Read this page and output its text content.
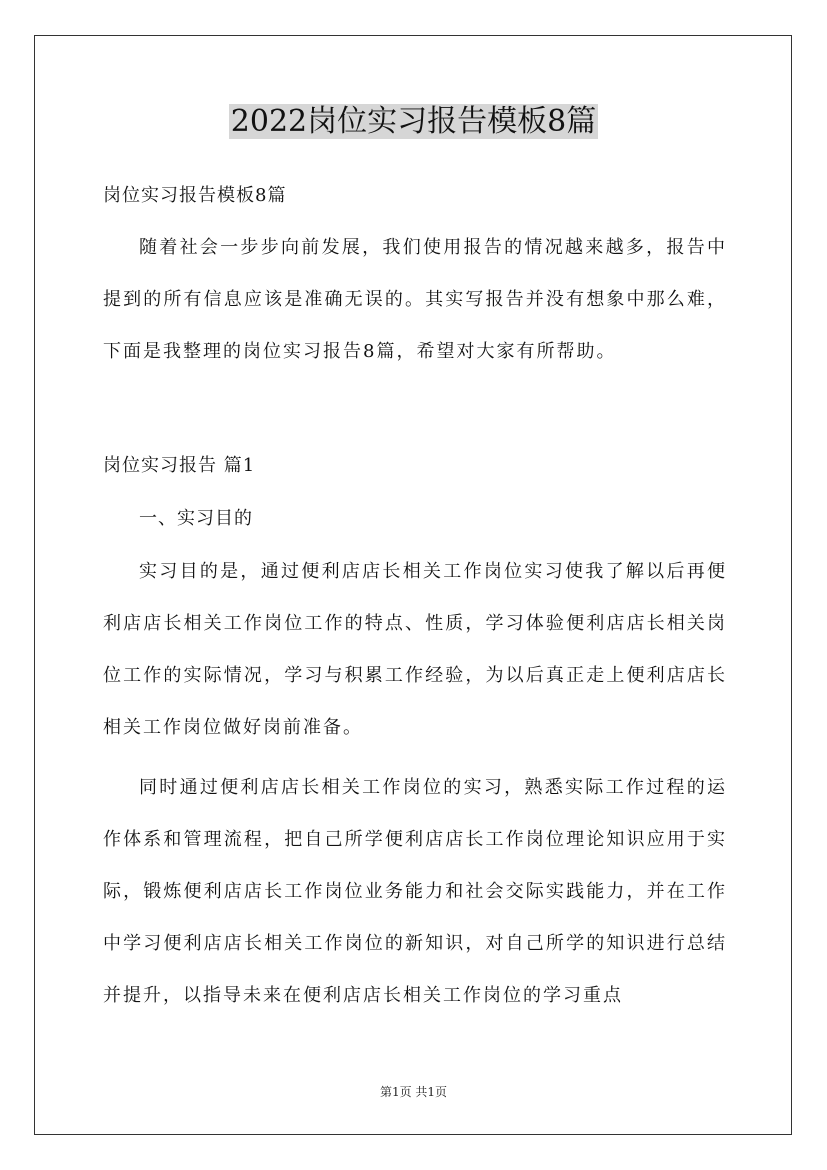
2022岗位实习报告模板8篇
岗位实习报告模板8篇
随着社会一步步向前发展，我们使用报告的情况越来越多，报告中提到的所有信息应该是准确无误的。其实写报告并没有想象中那么难，下面是我整理的岗位实习报告8篇，希望对大家有所帮助。
岗位实习报告 篇1
一、实习目的
实习目的是，通过便利店店长相关工作岗位实习使我了解以后再便利店店长相关工作岗位工作的特点、性质，学习体验便利店店长相关岗位工作的实际情况，学习与积累工作经验，为以后真正走上便利店店长相关工作岗位做好岗前准备。
同时通过便利店店长相关工作岗位的实习，熟悉实际工作过程的运作体系和管理流程，把自己所学便利店店长工作岗位理论知识应用于实际，锻炼便利店店长工作岗位业务能力和社会交际实践能力，并在工作中学习便利店店长相关工作岗位的新知识，对自己所学的知识进行总结并提升，以指导未来在便利店店长相关工作岗位的学习重点
第1页 共1页
